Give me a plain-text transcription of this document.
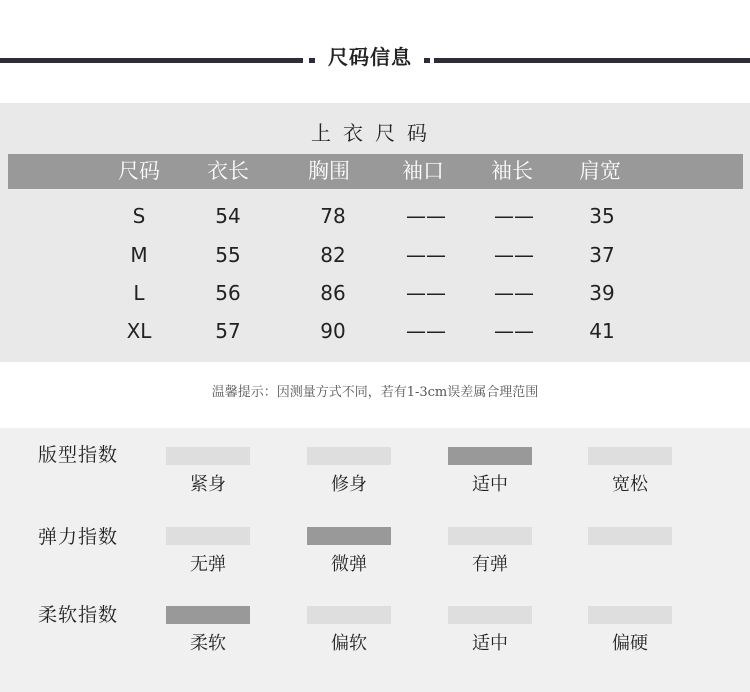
尺码信息
上衣尺码
尺码	衣长	胸围	袖口	袖长	肩宽
S	54	78	——	——	35
M	55	82	——	——	37
L	56	86	——	——	39
XL	57	90	——	——	41
温馨提示：因测量方式不同，若有1-3cm误差属合理范围
版型指数
紧身	修身	适中	宽松
弹力指数
无弹	微弹	有弹
柔软指数
柔软	偏软	适中	偏硬
